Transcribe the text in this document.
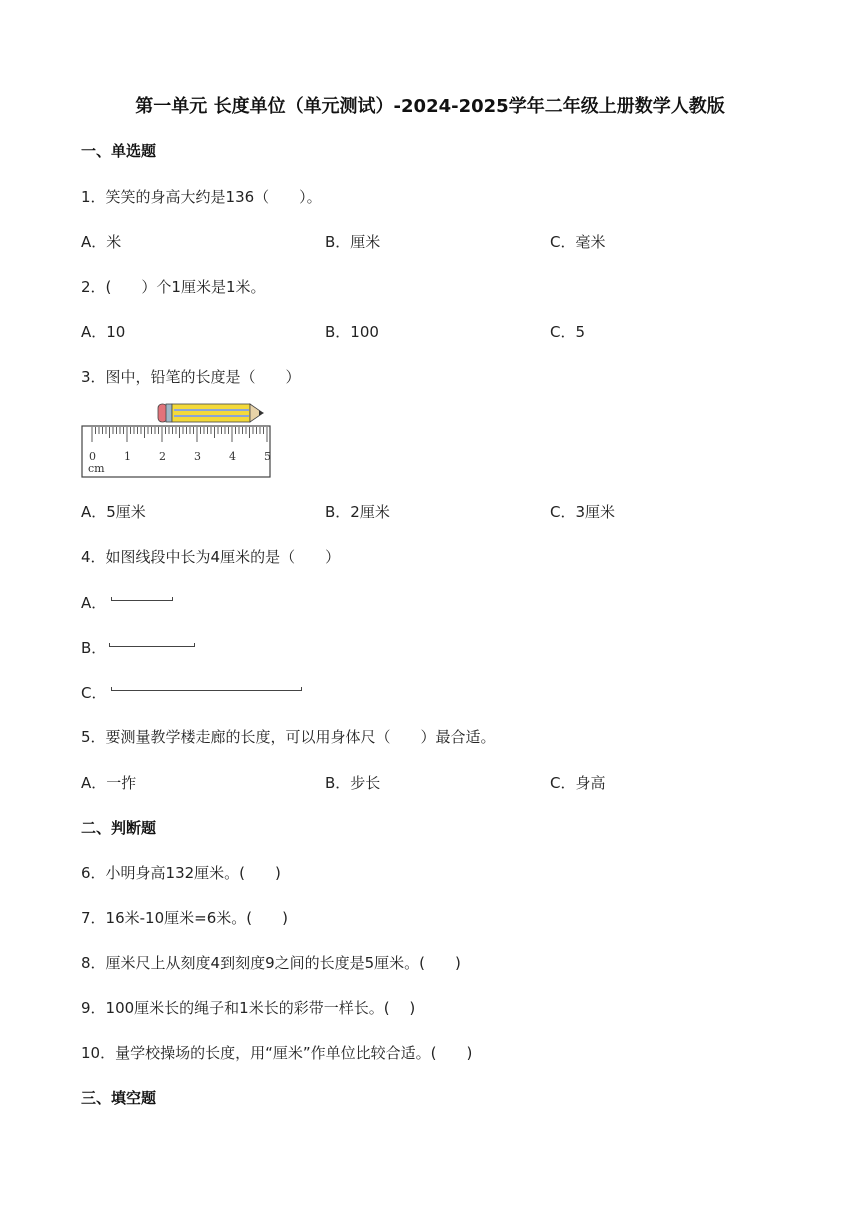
第一单元 长度单位（单元测试）-2024-2025学年二年级上册数学人教版
一、单选题
1．笑笑的身高大约是136（　　）。
A．米	B．厘米	C．毫米
2．(　　）个1厘米是1米。
A．10	B．100	C．5
3．图中，铅笔的长度是（　　）
0	1	2	3	4	5
cm
A．5厘米	B．2厘米	C．3厘米
4．如图线段中长为4厘米的是（　　）
A．
B．
C．
5．要测量教学楼走廊的长度，可以用身体尺（　　）最合适。
A．一拃	B．步长	C．身高
二、判断题
6．小明身高132厘米。(　　)
7．16米-10厘米=6米。(　　)
8．厘米尺上从刻度4到刻度9之间的长度是5厘米。(　　)
9．100厘米长的绳子和1米长的彩带一样长。(　 )
10．量学校操场的长度，用“厘米”作单位比较合适。(　　)
三、填空题
